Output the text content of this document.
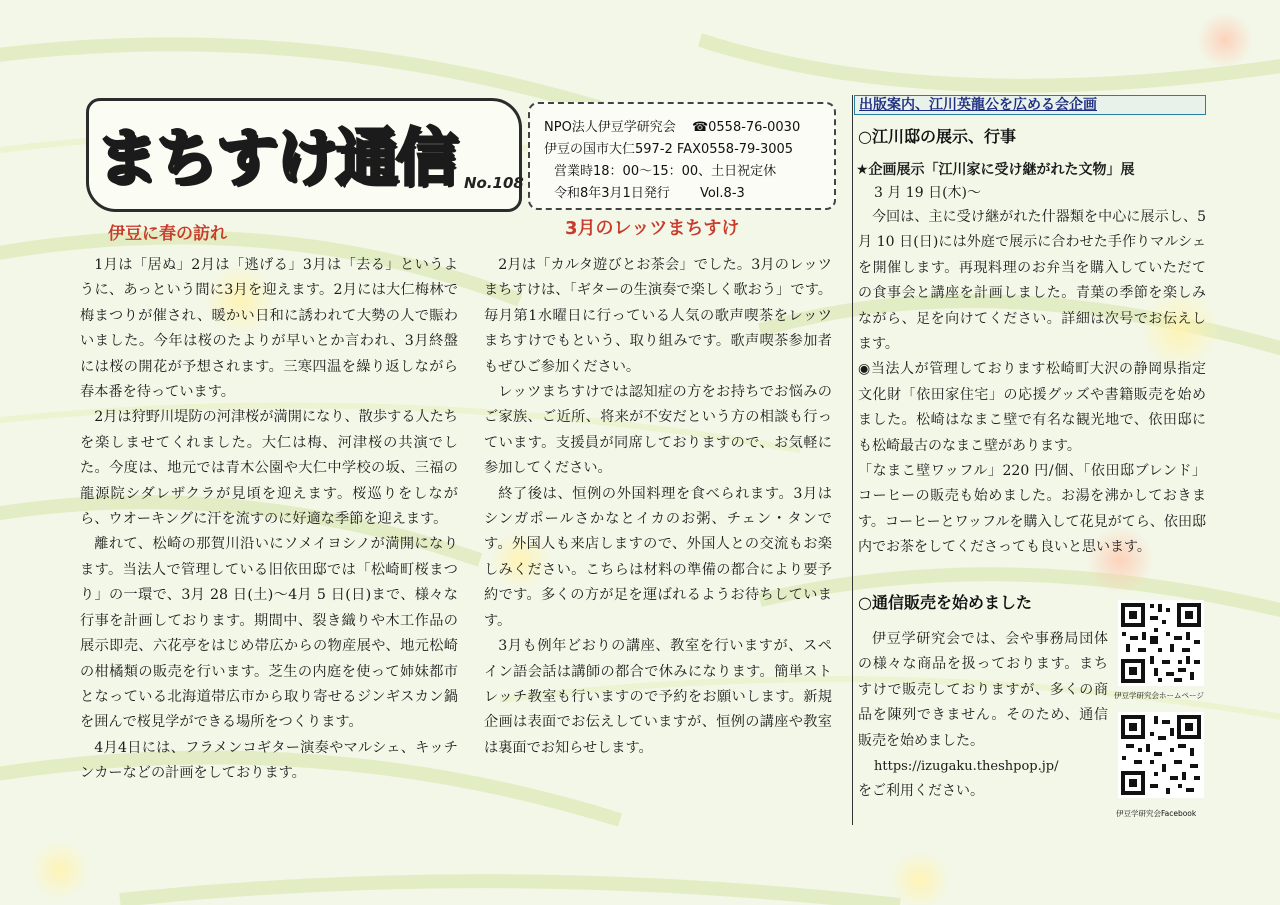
まちすけ通信 No.108
NPO法人伊豆学研究会 ☎0558-76-0030
伊豆の国市大仁597-2 FAX0558-79-3005
営業時18：00〜15：00、土日祝定休
令和8年3月1日発行 Vol.8-3
伊豆に春の訪れ

1月は「居ぬ」2月は「逃げる」3月は「去る」というように、あっという間に3月を迎えます。2月には大仁梅林で梅まつりが催され、暖かい日和に誘われて大勢の人で賑わいました。今年は桜のたよりが早いとか言われ、3月終盤には桜の開花が予想されます。三寒四温を繰り返しながら春本番を待っています。

2月は狩野川堤防の河津桜が満開になり、散歩する人たちを楽しませてくれました。大仁は梅、河津桜の共演でした。今度は、地元では青木公園や大仁中学校の坂、三福の龍源院シダレザクラが見頃を迎えます。桜巡りをしながら、ウオーキングに汗を流すのに好適な季節を迎えます。

離れて、松崎の那賀川沿いにソメイヨシノが満開になります。当法人で管理している旧依田邸では「松崎町桜まつり」の一環で、3月 28 日(土)〜4月 5 日(日)まで、様々な行事を計画しております。期間中、裂き織りや木工作品の展示即売、六花亭をはじめ帯広からの物産展や、地元松崎の柑橘類の販売を行います。芝生の内庭を使って姉妹都市となっている北海道帯広市から取り寄せるジンギスカン鍋を囲んで桜見学ができる場所をつくります。

4月4日には、フラメンコギター演奏やマルシェ、キッチンカーなどの計画をしております。

3月のレッツまちすけ

2月は「カルタ遊びとお茶会」でした。3月のレッツまちすけは、「ギターの生演奏で楽しく歌おう」です。毎月第1水曜日に行っている人気の歌声喫茶をレッツまちすけでもという、取り組みです。歌声喫茶参加者もぜひご参加ください。

レッツまちすけでは認知症の方をお持ちでお悩みのご家族、ご近所、将来が不安だという方の相談も行っています。支援員が同席しておりますので、お気軽に参加してください。

終了後は、恒例の外国料理を食べられます。3月はシンガポールさかなとイカのお粥、チェン・タンです。外国人も来店しますので、外国人との交流もお楽しみください。こちらは材料の準備の都合により要予約です。多くの方が足を運ばれるようお待ちしています。

3月も例年どおりの講座、教室を行いますが、スペイン語会話は講師の都合で休みになります。簡単ストレッチ教室も行いますので予約をお願いします。新規企画は表面でお伝えしていますが、恒例の講座や教室は裏面でお知らせします。

出版案内、江川英龍公を広める会企画
○江川邸の展示、行事
★企画展示「江川家に受け継がれた文物」展
3 月 19 日(木)〜

今回は、主に受け継がれた什器類を中心に展示し、5月 10 日(日)には外庭で展示に合わせた手作りマルシェを開催します。再現料理のお弁当を購入していただての食事会と講座を計画しました。青葉の季節を楽しみながら、足を向けてください。詳細は次号でお伝えします。

◉当法人が管理しております松崎町大沢の静岡県指定文化財「依田家住宅」の応援グッズや書籍販売を始めました。松崎はなまこ壁で有名な観光地で、依田邸にも松崎最古のなまこ壁があります。

「なまこ壁ワッフル」220 円/個、「依田邸ブレンド」コーヒーの販売も始めました。お湯を沸かしておきます。コーヒーとワッフルを購入して花見がてら、依田邸内でお茶をしてくださっても良いと思います。

○通信販売を始めました

伊豆学研究会では、会や事務局団体の様々な商品を扱っております。まちすけで販売しておりますが、多くの商品を陳列できません。そのため、通信販売を始めました。

https://izugaku.theshpop.jp/

をご利用ください。

伊豆学研究会ホームページ
伊豆学研究会Facebook
